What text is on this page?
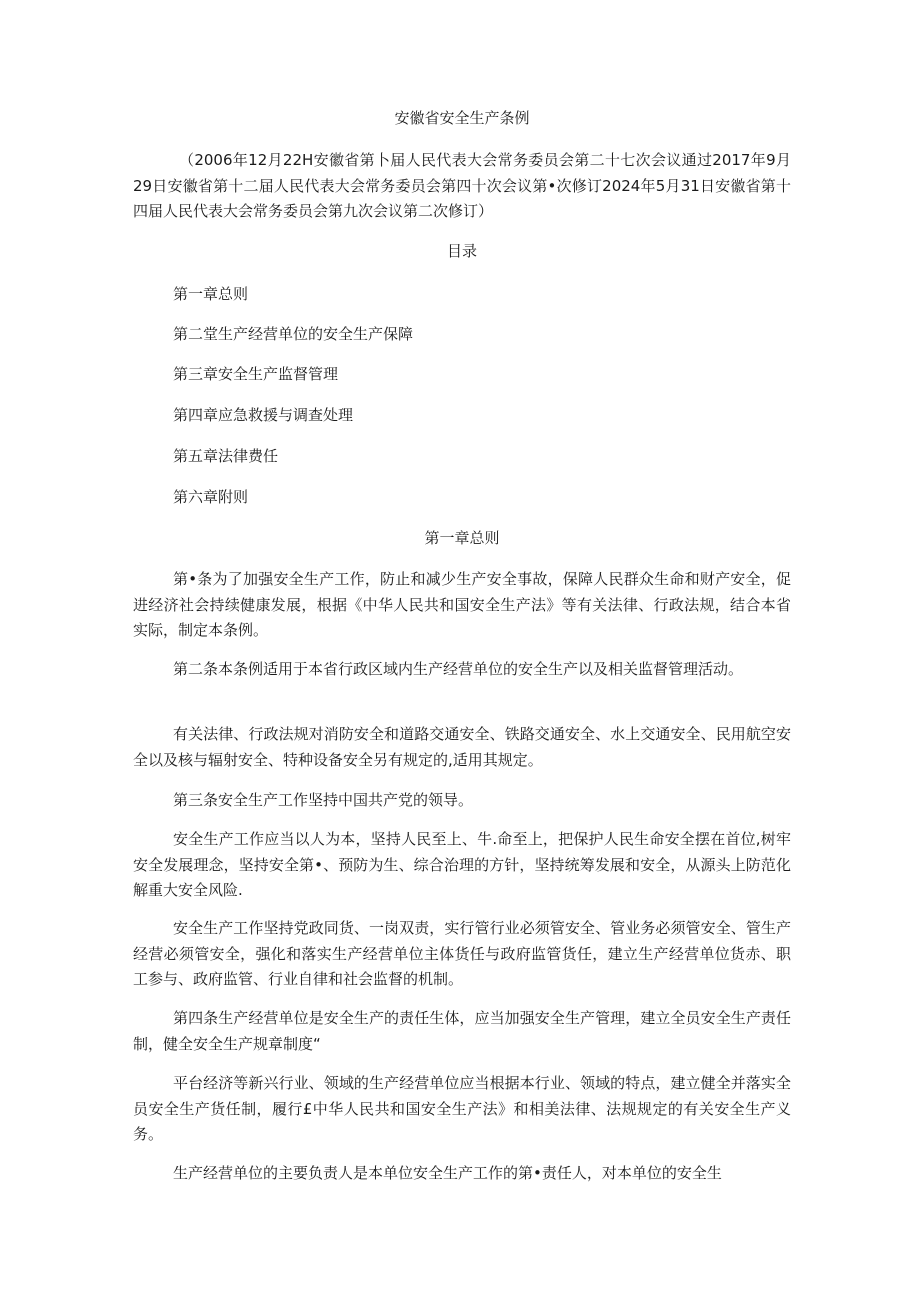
安徽省安全生产条例
（2006年12月22H安徽省第卜届人民代表大会常务委员会第二十七次会议通过2017年9月29日安徽省第十二届人民代表大会常务委员会第四十次会议第•次修订2024年5月31日安徽省第十四届人民代表大会常务委员会第九次会议第二次修订）
目录
第一章总则
第二堂生产经营单位的安全生产保障
第三章安全生产监督管理
第四章应急救援与调查处理
第五章法律费任
第六章附则
第一章总则

第•条为了加强安全生产工作，防止和减少生产安全事故，保障人民群众生命和财产安全，促进经济社会持续健康发展，根据《中华人民共和国安全生产法》等有关法律、行政法规，结合本省实际，制定本条例。

第二条本条例适用于本省行政区域内生产经营单位的安全生产以及相关监督管理活动。

有关法律、行政法规对消防安全和道路交通安全、铁路交通安全、水上交通安全、民用航空安全以及核与辐射安全、特种设备安全另有规定的,适用其规定。

第三条安全生产工作坚持中国共产党的领导。

安全生产工作应当以人为本，坚持人民至上、牛.命至上，把保护人民生命安全摆在首位,树牢安全发展理念，坚持安全第•、预防为生、综合治理的方针，坚持统筹发展和安全，从源头上防范化解重大安全风险.

安全生产工作坚持党政同货、一岗双责，实行管行业必须管安全、管业务必须管安全、管生产经营必须管安全，强化和落实生产经营单位主体货任与政府监管货任，建立生产经营单位货赤、职工参与、政府监管、行业自律和社会监督的机制。

第四条生产经营单位是安全生产的责任生体，应当加强安全生产管理，建立全员安全生产责任制，健全安全生产规章制度“

平台经济等新兴行业、领域的生产经营单位应当根据本行业、领域的特点，建立健全并落实全员安全生产货任制，履行£中华人民共和国安全生产法》和相美法律、法规规定的有关安全生产义务。

生产经营单位的主要负责人是本单位安全生产工作的第•责任人，对本单位的安全生
